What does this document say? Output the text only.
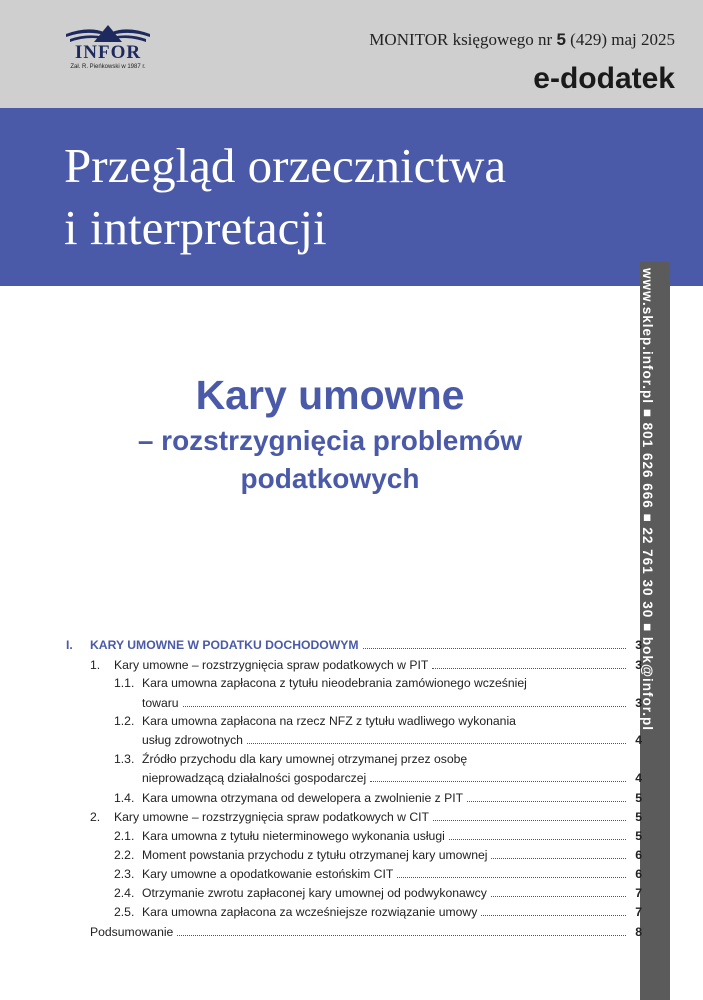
INFOR
Zał. R. Pieńkowski w 1987 r.
MONITOR księgowego nr 5 (429) maj 2025
e-dodatek
Przegląd orzecznictwa
i interpretacji
www.sklep.infor.pl ■ 801 626 666 ■ 22 761 30 30 ■ bok@infor.pl
Kary umowne
– rozstrzygnięcia problemów
podatkowych
I. KARY UMOWNE W PODATKU DOCHODOWYM	3
1. Kary umowne – rozstrzygnięcia spraw podatkowych w PIT	3
1.1. Kara umowna zapłacona z tytułu nieodebrania zamówionego wcześniej
towaru	3
1.2. Kara umowna zapłacona na rzecz NFZ z tytułu wadliwego wykonania
usług zdrowotnych	4
1.3. Źródło przychodu dla kary umownej otrzymanej przez osobę
nieprowadzącą działalności gospodarczej	4
1.4. Kara umowna otrzymana od dewelopera a zwolnienie z PIT	5
2. Kary umowne – rozstrzygnięcia spraw podatkowych w CIT	5
2.1. Kara umowna z tytułu nieterminowego wykonania usługi	5
2.2. Moment powstania przychodu z tytułu otrzymanej kary umownej	6
2.3. Kary umowne a opodatkowanie estońskim CIT	6
2.4. Otrzymanie zwrotu zapłaconej kary umownej od podwykonawcy	7
2.5. Kara umowna zapłacona za wcześniejsze rozwiązanie umowy	7
Podsumowanie	8
